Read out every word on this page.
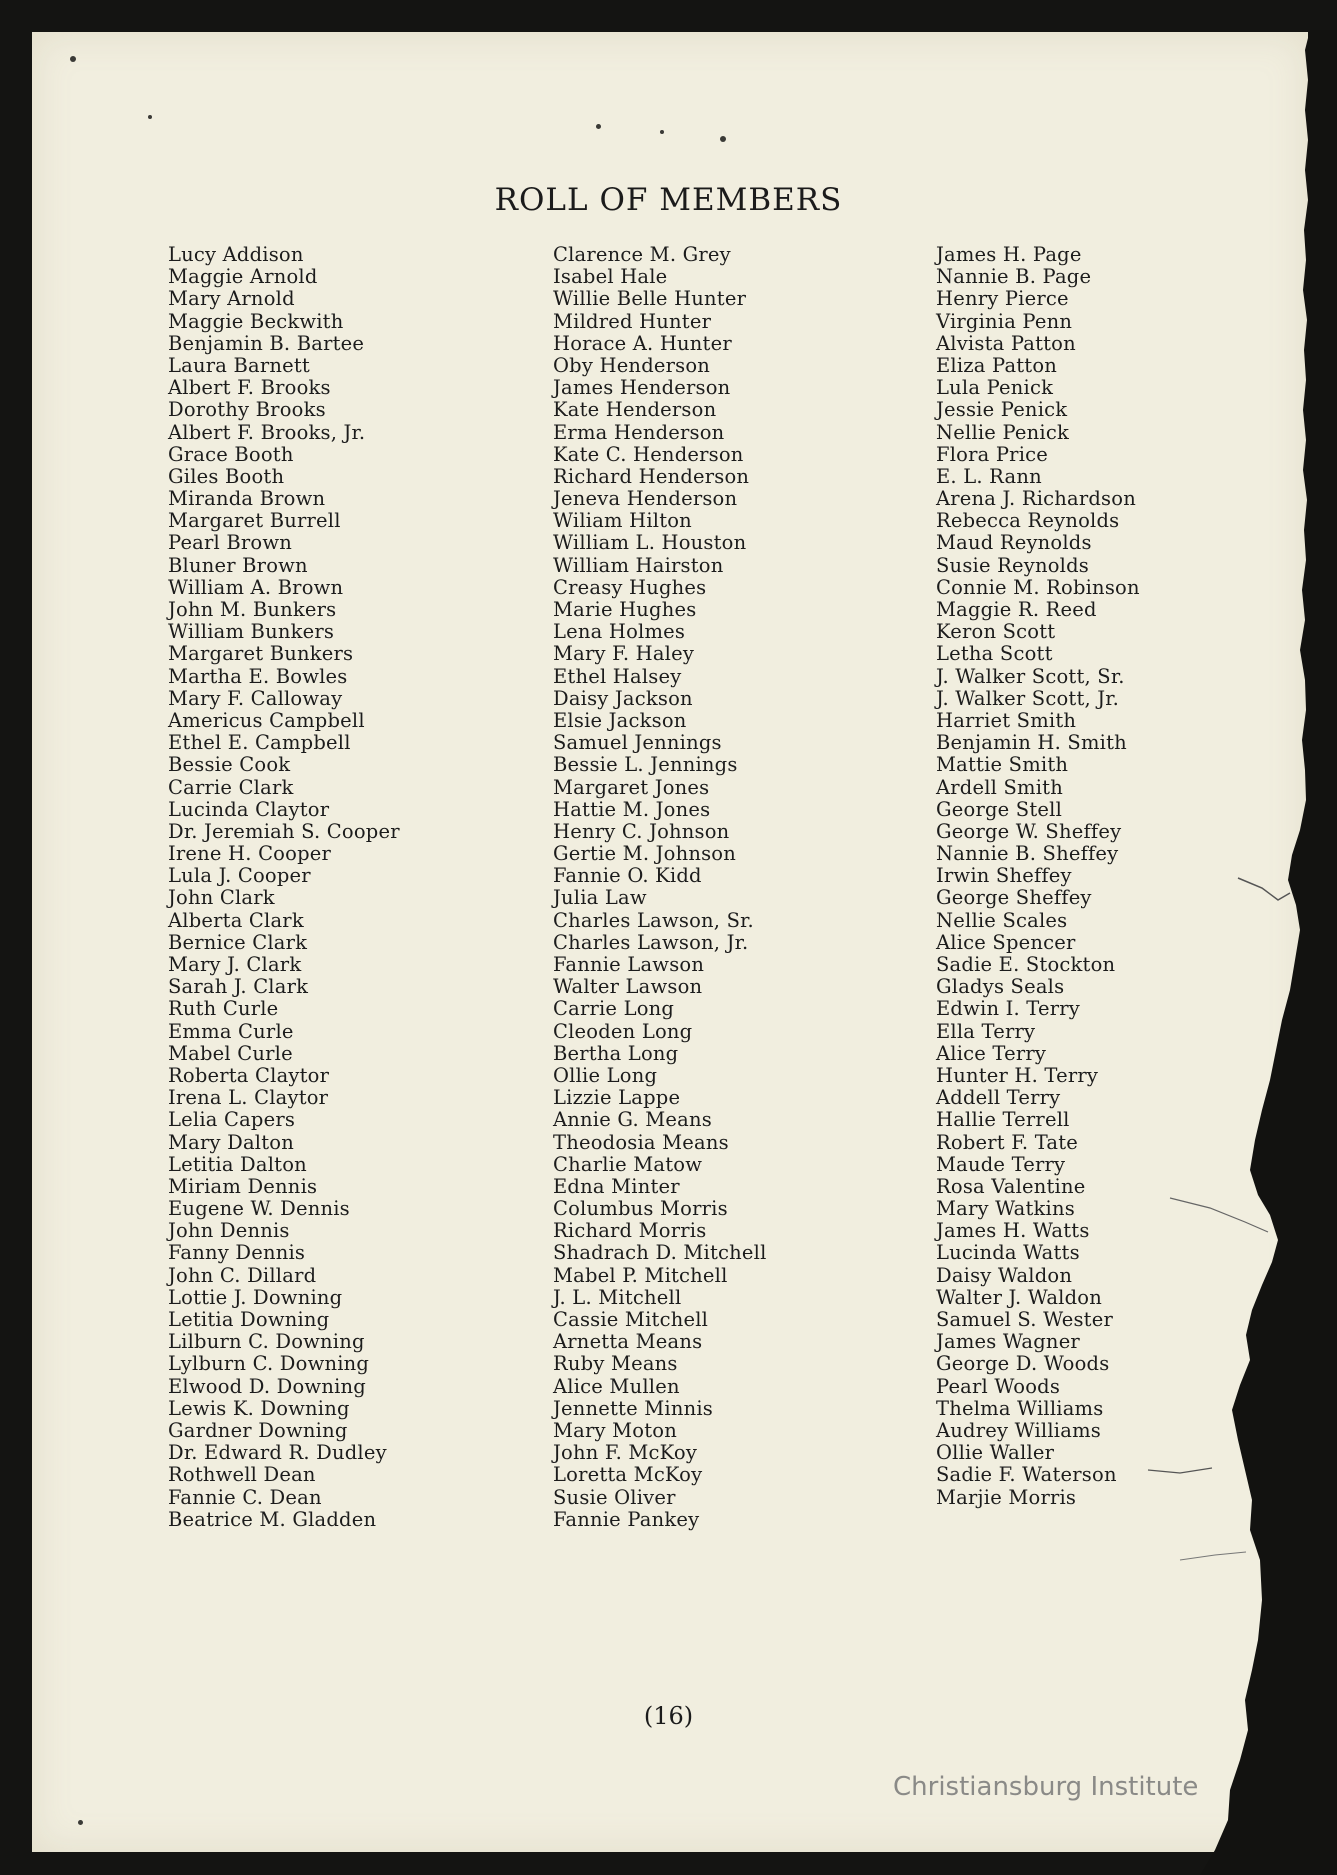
ROLL OF MEMBERS
Lucy Addison
Maggie Arnold
Mary Arnold
Maggie Beckwith
Benjamin B. Bartee
Laura Barnett
Albert F. Brooks
Dorothy Brooks
Albert F. Brooks, Jr.
Grace Booth
Giles Booth
Miranda Brown
Margaret Burrell
Pearl Brown
Bluner Brown
William A. Brown
John M. Bunkers
William Bunkers
Margaret Bunkers
Martha E. Bowles
Mary F. Calloway
Americus Campbell
Ethel E. Campbell
Bessie Cook
Carrie Clark
Lucinda Claytor
Dr. Jeremiah S. Cooper
Irene H. Cooper
Lula J. Cooper
John Clark
Alberta Clark
Bernice Clark
Mary J. Clark
Sarah J. Clark
Ruth Curle
Emma Curle
Mabel Curle
Roberta Claytor
Irena L. Claytor
Lelia Capers
Mary Dalton
Letitia Dalton
Miriam Dennis
Eugene W. Dennis
John Dennis
Fanny Dennis
John C. Dillard
Lottie J. Downing
Letitia Downing
Lilburn C. Downing
Lylburn C. Downing
Elwood D. Downing
Lewis K. Downing
Gardner Downing
Dr. Edward R. Dudley
Rothwell Dean
Fannie C. Dean
Beatrice M. Gladden
Clarence M. Grey
Isabel Hale
Willie Belle Hunter
Mildred Hunter
Horace A. Hunter
Oby Henderson
James Henderson
Kate Henderson
Erma Henderson
Kate C. Henderson
Richard Henderson
Jeneva Henderson
Wiliam Hilton
William L. Houston
William Hairston
Creasy Hughes
Marie Hughes
Lena Holmes
Mary F. Haley
Ethel Halsey
Daisy Jackson
Elsie Jackson
Samuel Jennings
Bessie L. Jennings
Margaret Jones
Hattie M. Jones
Henry C. Johnson
Gertie M. Johnson
Fannie O. Kidd
Julia Law
Charles Lawson, Sr.
Charles Lawson, Jr.
Fannie Lawson
Walter Lawson
Carrie Long
Cleoden Long
Bertha Long
Ollie Long
Lizzie Lappe
Annie G. Means
Theodosia Means
Charlie Matow
Edna Minter
Columbus Morris
Richard Morris
Shadrach D. Mitchell
Mabel P. Mitchell
J. L. Mitchell
Cassie Mitchell
Arnetta Means
Ruby Means
Alice Mullen
Jennette Minnis
Mary Moton
John F. McKoy
Loretta McKoy
Susie Oliver
Fannie Pankey
James H. Page
Nannie B. Page
Henry Pierce
Virginia Penn
Alvista Patton
Eliza Patton
Lula Penick
Jessie Penick
Nellie Penick
Flora Price
E. L. Rann
Arena J. Richardson
Rebecca Reynolds
Maud Reynolds
Susie Reynolds
Connie M. Robinson
Maggie R. Reed
Keron Scott
Letha Scott
J. Walker Scott, Sr.
J. Walker Scott, Jr.
Harriet Smith
Benjamin H. Smith
Mattie Smith
Ardell Smith
George Stell
George W. Sheffey
Nannie B. Sheffey
Irwin Sheffey
George Sheffey
Nellie Scales
Alice Spencer
Sadie E. Stockton
Gladys Seals
Edwin I. Terry
Ella Terry
Alice Terry
Hunter H. Terry
Addell Terry
Hallie Terrell
Robert F. Tate
Maude Terry
Rosa Valentine
Mary Watkins
James H. Watts
Lucinda Watts
Daisy Waldon
Walter J. Waldon
Samuel S. Wester
James Wagner
George D. Woods
Pearl Woods
Thelma Williams
Audrey Williams
Ollie Waller
Sadie F. Waterson
Marjie Morris
(16)
Christiansburg Institute
